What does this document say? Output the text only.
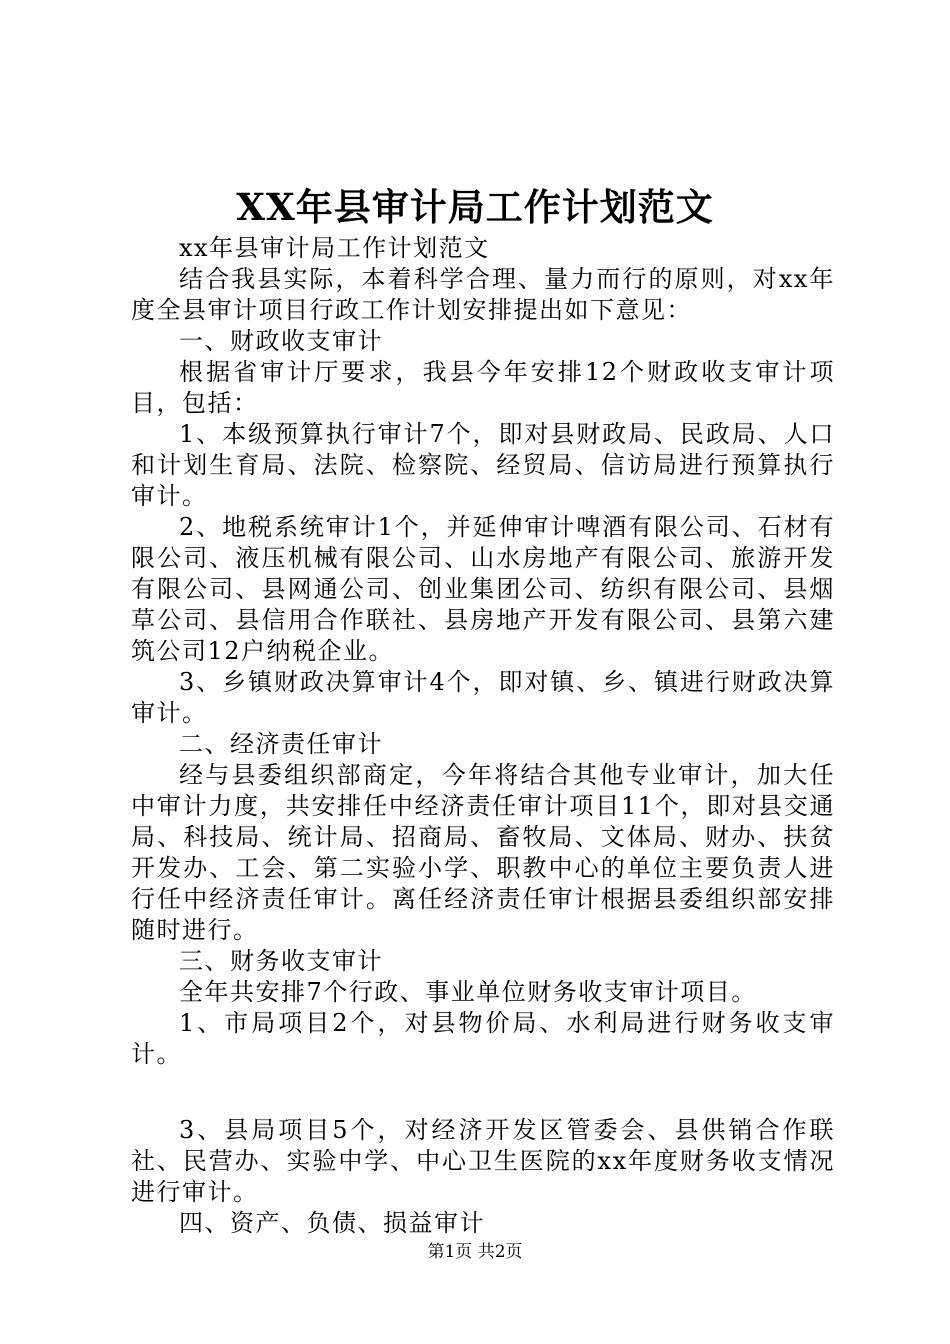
XX年县审计局工作计划范文

xx年县审计局工作计划范文

结合我县实际，本着科学合理、量力而行的原则，对xx年度全县审计项目行政工作计划安排提出如下意见：

一、财政收支审计

根据省审计厅要求，我县今年安排12个财政收支审计项目，包括：

1、本级预算执行审计7个，即对县财政局、民政局、人口和计划生育局、法院、检察院、经贸局、信访局进行预算执行审计。

2、地税系统审计1个，并延伸审计啤酒有限公司、石材有限公司、液压机械有限公司、山水房地产有限公司、旅游开发有限公司、县网通公司、创业集团公司、纺织有限公司、县烟草公司、县信用合作联社、县房地产开发有限公司、县第六建筑公司12户纳税企业。

3、乡镇财政决算审计4个，即对镇、乡、镇进行财政决算审计。

二、经济责任审计

经与县委组织部商定，今年将结合其他专业审计，加大任中审计力度，共安排任中经济责任审计项目11个，即对县交通局、科技局、统计局、招商局、畜牧局、文体局、财办、扶贫开发办、工会、第二实验小学、职教中心的单位主要负责人进行任中经济责任审计。离任经济责任审计根据县委组织部安排随时进行。

三、财务收支审计

全年共安排7个行政、事业单位财务收支审计项目。

1、市局项目2个，对县物价局、水利局进行财务收支审计。

3、县局项目5个，对经济开发区管委会、县供销合作联社、民营办、实验中学、中心卫生医院的xx年度财务收支情况进行审计。

四、资产、负债、损益审计

第1页 共2页
